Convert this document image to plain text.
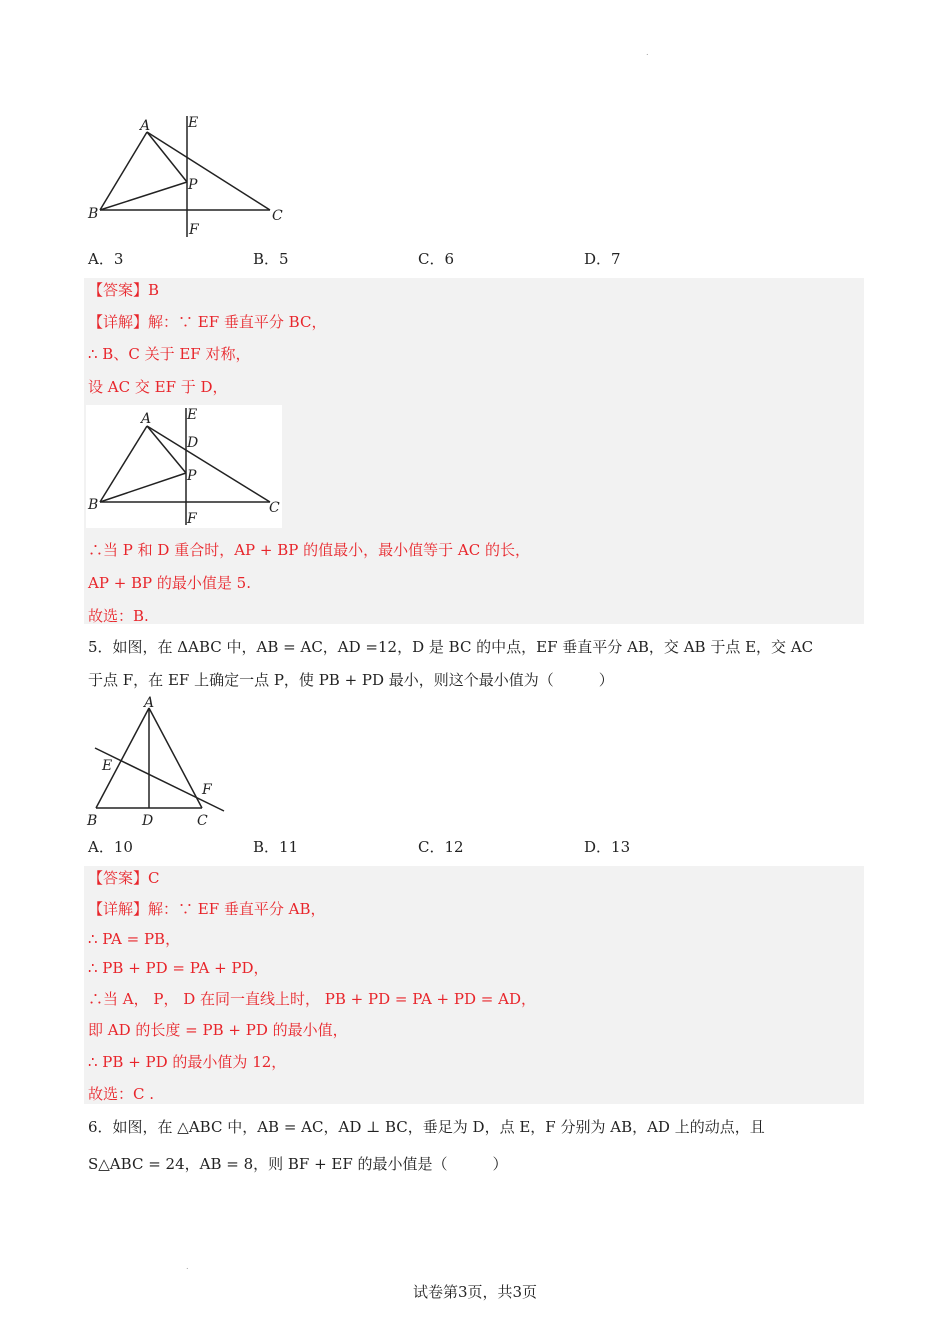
.
A	E
P
B	C
F
A．3	B．5	C．6	D．7
【答案】B
【详解】解：∵ EF 垂直平分 BC，
∴ B、C 关于 EF 对称，
设 AC 交 EF 于 D，
A	E
D
P
B	C
F
∴当 P 和 D 重合时，AP + BP 的值最小，最小值等于 AC 的长，
AP + BP 的最小值是 5.
故选：B.
5．如图，在 ΔABC 中，AB = AC，AD =12，D 是 BC 的中点，EF 垂直平分 AB，交 AB 于点 E，交 AC
于点 F，在 EF 上确定一点 P，使 PB + PD 最小，则这个最小值为（　　　）
A
E
F
B	D	C
A．10	B．11	C．12	D．13
【答案】C
【详解】解：∵ EF 垂直平分 AB，
∴ PA = PB，
∴ PB + PD = PA + PD，
∴当 A， P， D 在同一直线上时， PB + PD = PA + PD = AD，
即 AD 的长度 = PB + PD 的最小值，
∴ PB + PD 的最小值为 12，
故选：C .
6．如图，在 △ABC 中，AB = AC，AD ⊥ BC，垂足为 D，点 E，F 分别为 AB，AD 上的动点，且
S△ABC = 24，AB = 8，则 BF + EF 的最小值是（　　　）
.
试卷第3页，共3页
